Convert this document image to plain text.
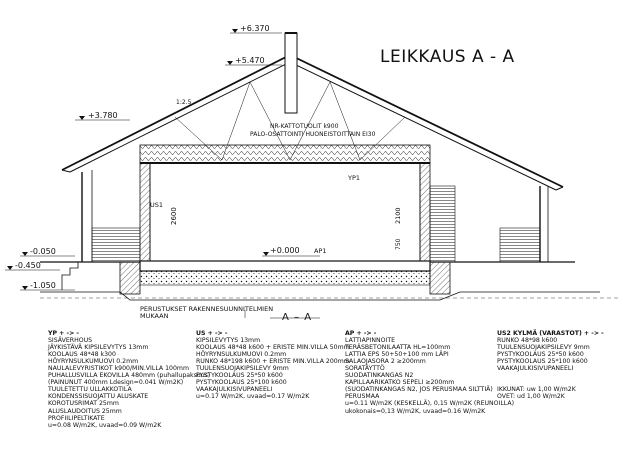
+6.370
+5.470
+3.780
+0.000
-0.050
-0.450
-1.050
1:2.5
NR-KATTOTUOLIT k900
PALO-OSATTOINTI HUONEISTOITTAIN EI30
2600	2100
750
US1
YP1
AP1
PERUSTUKSET RAKENNESUUNNITELMIEN
MUKAAN
LEIKKAUS A - A
A – A
YP + -> -
SISÄVERHOUS
JÄYKISTÄVÄ KIPSILEVYTYS 13mm
KOOLAUS 48*48 k300
HÖYRYNSULKUMUOVI 0.2mm
NAULALEVYRISTIKOT k900/MIN.VILLA 100mm
PUHALLUSVILLA EKOVILLA 480mm (puhallupaksuus)
(PAINUNUT 400mm Ldesign=0.041 W/m2K)
TUULETETTU ULLAKKOTILA
KONDENSSISUOJATTU ALUSKATE
KOROTUSRIMAT 25mm
ALUSLAUDOITUS 25mm
PROFIILIPELTIKATE
u=0.08 W/m2K, uvaad=0.09 W/m2K
US + -> -
KIPSILEVYTYS 13mm
KOOLAUS 48*48 k600 + ERISTE MIN.VILLA 50mm
HÖYRYNSULKUMUOVI 0.2mm
RUNKO 48*198 k600 + ERISTE MIN.VILLA 200mm
TUULENSUOJAKIPSILEVY 9mm
PYSTYKOOLAUS 25*50 k600
PYSTYKOOLAUS 25*100 k600
VAAKAJULKISIVUPANEELI
u=0.17 W/m2K, uvaad=0.17 W/m2K
AP + -> -
LATTIAPINNOITE
TERÄSBETONILAATTA HL=100mm
LATTIA EPS 50+50+100 mm LÄPI
SALAOJASORA 2 ≥200mm
SORATÄYTTÖ
SUODATINKANGAS N2
KAPILLAARIKATKO SEPELI ≥200mm
(SUODATINKANGAS N2, JOS PERUSMAA SILTTIÄ)
PERUSMAA
u=0.11 W/m2K (KESKELLÄ), 0,15 W/m2K (REUNOILLA)
ukokonais=0,13 W/m2K, uvaad=0.16 W/m2K
US2 KYLMÄ (VARASTOT) + -> -
RUNKO 48*98 k600
TUULENSUOJAKIPSILEVY 9mm
PYSTYKOOLAUS 25*50 k600
PYSTYKOOLAUS 25*100 k600
VAAKAJULKISIVUPANEELI

IKKUNAT: uw 1,00 W/m2K
OVET: ud 1,00 W/m2K
